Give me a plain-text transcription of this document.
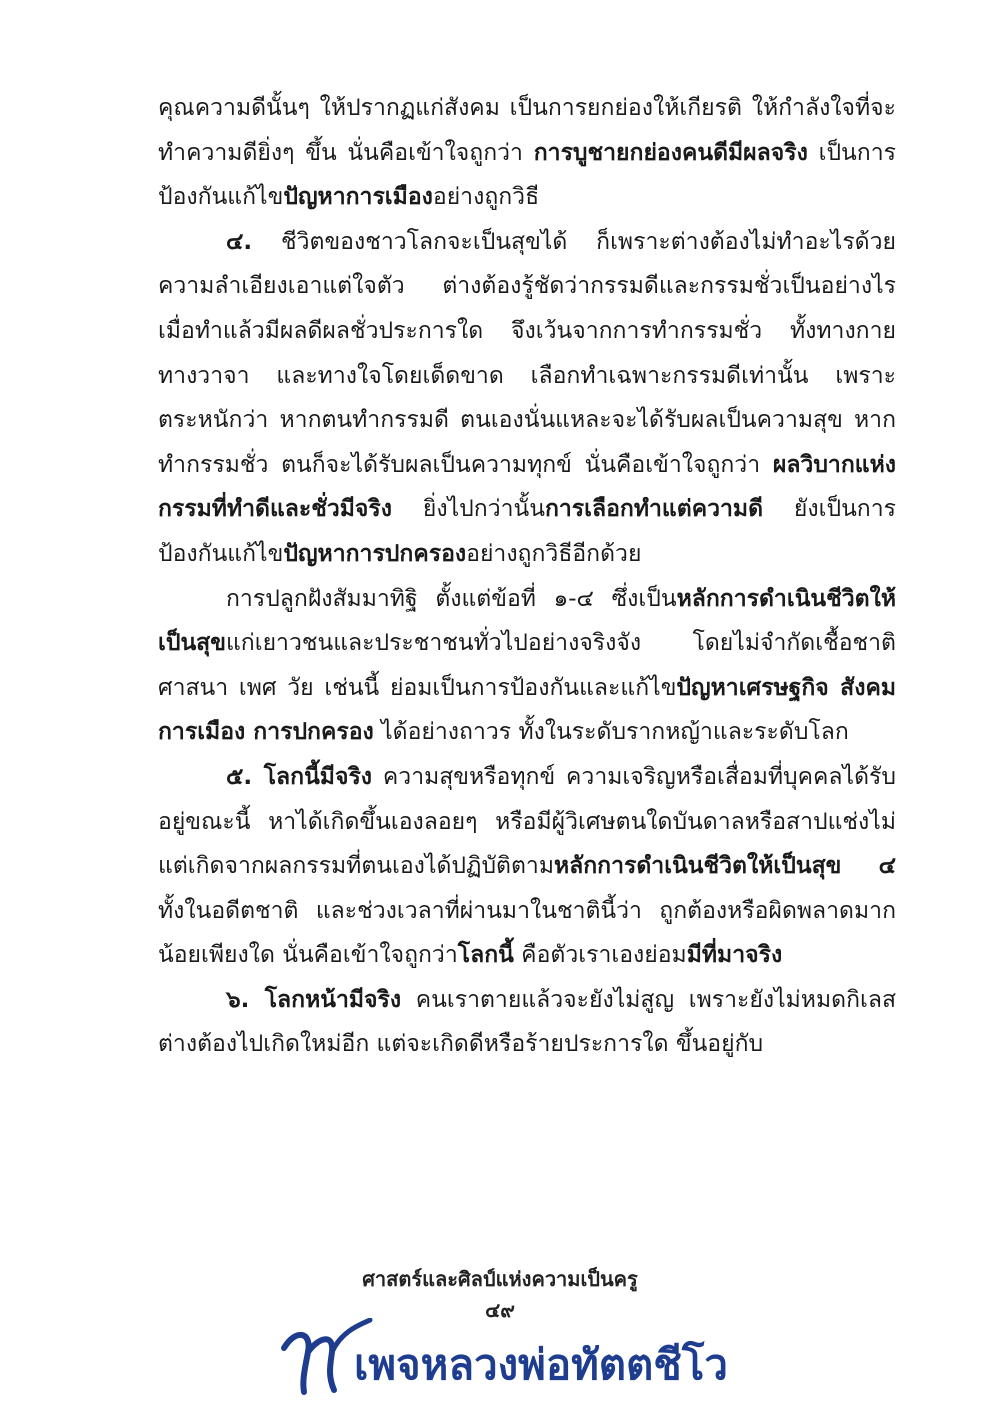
คุณความดีนั้นๆ ให้ปรากฏแก่สังคม เป็นการยกย่องให้เกียรติ ให้กำลังใจที่จะทำความดียิ่งๆ ขึ้น นั่นคือเข้าใจถูกว่า การบูชายกย่องคนดีมีผลจริง เป็นการป้องกันแก้ไขปัญหาการเมืองอย่างถูกวิธี

๔. ชีวิตของชาวโลกจะเป็นสุขได้ ก็เพราะต่างต้องไม่ทำอะไรด้วยความลำเอียงเอาแต่ใจตัว ต่างต้องรู้ชัดว่ากรรมดีและกรรมชั่วเป็นอย่างไร เมื่อทำแล้วมีผลดีผลชั่วประการใด จึงเว้นจากการทำกรรมชั่ว ทั้งทางกาย ทางวาจา และทางใจโดยเด็ดขาด เลือกทำเฉพาะกรรมดีเท่านั้น เพราะตระหนักว่า หากตนทำกรรมดี ตนเองนั่นแหละจะได้รับผลเป็นความสุข หากทำกรรมชั่ว ตนก็จะได้รับผลเป็นความทุกข์ นั่นคือเข้าใจถูกว่า ผลวิบากแห่งกรรมที่ทำดีและชั่วมีจริง ยิ่งไปกว่านั้นการเลือกทำแต่ความดี ยังเป็นการป้องกันแก้ไขปัญหาการปกครองอย่างถูกวิธีอีกด้วย

การปลูกฝังสัมมาทิฐิ ตั้งแต่ข้อที่ ๑-๔ ซึ่งเป็นหลักการดำเนินชีวิตให้เป็นสุขแก่เยาวชนและประชาชนทั่วไปอย่างจริงจัง โดยไม่จำกัดเชื้อชาติ ศาสนา เพศ วัย เช่นนี้ ย่อมเป็นการป้องกันและแก้ไขปัญหาเศรษฐกิจ สังคม การเมือง การปกครอง ได้อย่างถาวร ทั้งในระดับรากหญ้าและระดับโลก

๕. โลกนี้มีจริง ความสุขหรือทุกข์ ความเจริญหรือเสื่อมที่บุคคลได้รับอยู่ขณะนี้ หาได้เกิดขึ้นเองลอยๆ หรือมีผู้วิเศษตนใดบันดาลหรือสาปแช่งไม่ แต่เกิดจากผลกรรมที่ตนเองได้ปฏิบัติตามหลักการดำเนินชีวิตให้เป็นสุข ๔ ทั้งในอดีตชาติ และช่วงเวลาที่ผ่านมาในชาตินี้ว่า ถูกต้องหรือผิดพลาดมากน้อยเพียงใด นั่นคือเข้าใจถูกว่าโลกนี้ คือตัวเราเองย่อมมีที่มาจริง

๖. โลกหน้ามีจริง คนเราตายแล้วจะยังไม่สูญ เพราะยังไม่หมดกิเลส ต่างต้องไปเกิดใหม่อีก แต่จะเกิดดีหรือร้ายประการใด ขึ้นอยู่กับ

ศาสตร์และศิลป์แห่งความเป็นครู
๔๙
เพจหลวงพ่อทัตตชีโว
